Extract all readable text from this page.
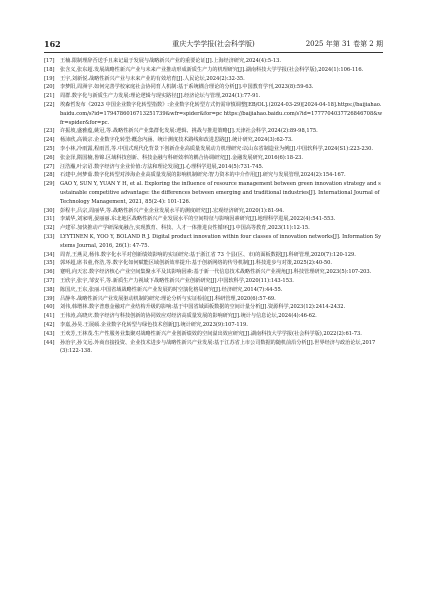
162	重庆大学学报(社会科学版)	2025 年第 31 卷第 2 期
[17] 王楠.限制理辞否送手且来记最于发展与战略新兴产业的重要论证[J].上海经济研究,2024(4):5-13.
[18] 张含义,张东超.发展战略性新兴产业与未来产业推动形成新质生产力的机理研究[J].湖南科技大学学报(社会科学版),2024(1):106-116.
[19] 王宇,刘新悦.战略性新兴产业与未来产业的有效培育[J].人民论坛,2024(2):32-35.
[20] 李梦阳,周洲宇.如何完善学校家庭社会协同育人机制:基于系统耦合理论的分析[J].中国教育学刊,2023(8):59-63.
[21] 周群.数字化与新质生产力发展:理论逻辑与现实路径[J].经济论坛与管理,2024(1):77-91.
[22] 埃森哲发布《2023 中国企业数字化转型指数》:企业数字化转型方式仍需审慎调整[EB/OL].(2024-03-29)[2024-04-18].https://baijiahao.baidu.com/s?id=1794786016713251739&wfr=spider&for=pc https://baijiahao.baidu.com/s?id=1777704037726846708&wfr=spider&for=pc.
[23] 许振坡,盛雅蕴,姚冠,等.战略性新兴产业集群化发展:逻辑、挑战与推进策略[J].天津社会科学,2024(2):89-98,175.
[24] 杨沛欣,高锁宗.企业数字化转型:概念内涵、统计测度技术路线和改进思路[J].统计研究,2024(3):62-73.
[25] 李小林,冷雨露,程雨晋,等.中国式现代化背景下创新企业高质量发展动力机理研究:以山东省制造业为例[J].中国软科学,2024(S1):223-230.
[26] 张金泽,隋国楠,鲁锦.区域科技创新、科技金融与科研效率的耦合协调研究[J].金融发展研究,2016(6):18-23.
[27] 汪浩瀚,叶宗诏.数字经济与企业价值:方法和理论发展[J].心理科学进展,2014(5):731-745.
[28] 石建中,何梦茹.数字化转型对涉海企业高质量发展的影响机制研究:智力资本的中介作用[J].研究与发展管理,2024(2):154-167.
[29] GAO Y, SUN Y, YUAN Y H, et al. Exploring the influence of resource management between green innovation strategy and sustainable competitive advantage: the differences between emerging and traditional industries[J]. International Journal of Technology Management, 2021, 85(2-4): 101-126.
[30] 彭程丰,吕宗,周丽华,等.战略性新兴产业企业发展水平的测度研究[J].宏观经济研究,2020(1):81-94.
[31] 李斌华,刘家明,晏丽丽.东北地区战略性新兴产业发展水平的空间特征与影响因素研究[J].地理科学进展,2022(4):541-553.
[32] 卢建军.加快推动产学研深度融合,实现教育、科技、人才一体推进良性循环[J].中国高等教育,2023(11):12-15.
[33] LYYTINEN K, YOO Y, BOLAND R J. Digital product innovation within four classes of innovation networks[J]. Information Systems Journal, 2016, 26(1): 47-75.
[34] 周青,王燕灵,杨伟.数字化水平对创新绩效影响的实证研究:基于浙江省 73 个县(区、市)的面板数据[J].科研管理,2020(7):120-129.
[35] 郭环超,席书童,佟浩,等.数字化如何赋能区域创新效率提升:基于创新网络的传导机制[J].科技进步与对策,2025(2):40-50.
[36] 蹇明,向天宏.数字经济核心产业空间集聚水平及其影响因素:基于新一代信息技术战略性新兴产业视角[J].科技管理研究,2023(5):107-203.
[37] 王欣宇,张宇,邹安平,等.新质生产力视域下战略性新兴产业创新研究[J].中国软科学,2020(11):143-153.
[38] 陈国庆,王东,张丽.中国省域战略性新兴产业发展的时空演化格局研究[J].经济研究,2014(7):44-55.
[39] 吕静冬.战略性新兴产业发展驱动机制的研究:理论分析与实证检验[J].科研管理,2020(6):57-69.
[40] 刘伟,韩增林.数字普惠金融对产业结构升级的影响:基于中国省域面板数据的空间计量分析[J].资源科学,2023(12):2414-2432.
[41] 王伟涛,高晓庆.数字经济与科技创新的协同效应对经济高质量发展的影响研究[J].统计与信息论坛,2024(4):46-62.
[42] 李嘉,孙昊.王展硕.企业数字化转型与绿色技术创新[J].统计研究,2023(9):107-119.
[43] 王欢芳,王林茂.生产性服务业集聚对战略性新兴产业创新绩效的空间溢出效应研究[J].湖南科技大学学报(社会科学版),2022(2):61-73.
[44] 孙治宇,孙文远.外商直接投资、企业技术进步与战略性新兴产业发展:基于江苏省上市公司数据的随机前沿分析[J].世界经济与政治论坛,2017(3):122-138.
